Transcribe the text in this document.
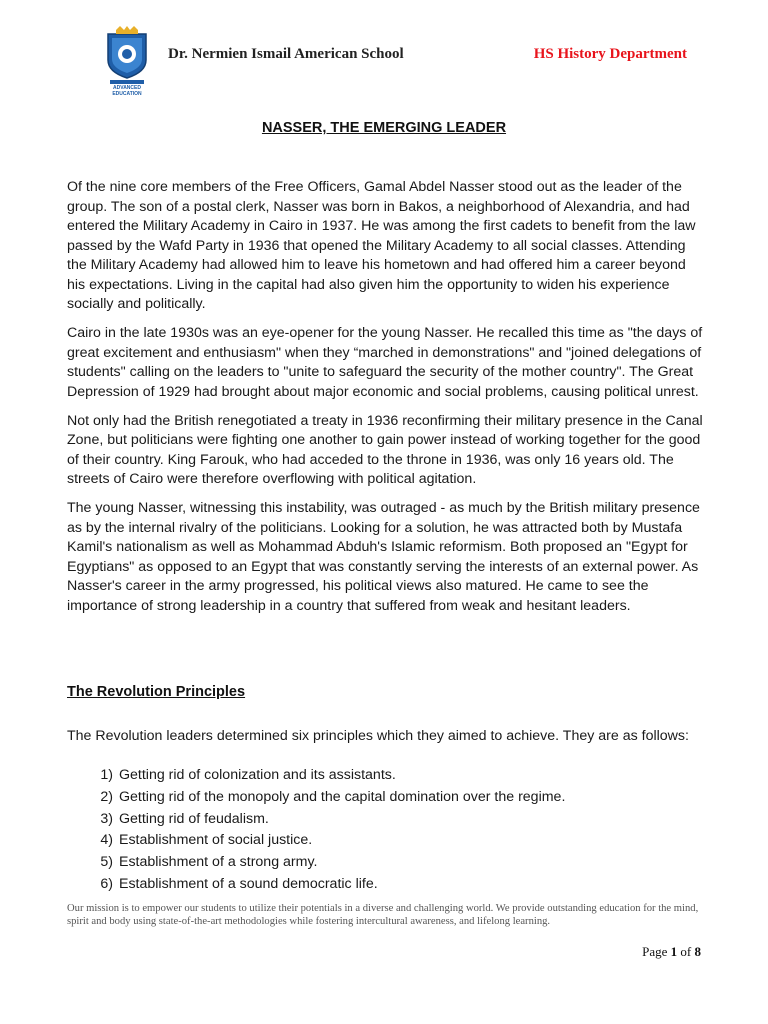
ADVANCED
EDUCATION
Dr. Nermien Ismail American School	HS History Department
NASSER, THE EMERGING LEADER

Of the nine core members of the Free Officers, Gamal Abdel Nasser stood out as the leader of the group. The son of a postal clerk, Nasser was born in Bakos, a neighborhood of Alexandria, and had entered the Military Academy in Cairo in 1937. He was among the first cadets to benefit from the law passed by the Wafd Party in 1936 that opened the Military Academy to all social classes. Attending the Military Academy had allowed him to leave his hometown and had offered him a career beyond his expectations. Living in the capital had also given him the opportunity to widen his experience socially and politically.

Cairo in the late 1930s was an eye-opener for the young Nasser. He recalled this time as "the days of great excitement and enthusiasm" when they “marched in demonstrations" and "joined delegations of students" calling on the leaders to "unite to safeguard the security of the mother country". The Great Depression of 1929 had brought about major economic and social problems, causing political unrest.

Not only had the British renegotiated a treaty in 1936 reconfirming their military presence in the Canal Zone, but politicians were fighting one another to gain power instead of working together for the good of their country. King Farouk, who had acceded to the throne in 1936, was only 16 years old. The streets of Cairo were therefore overflowing with political agitation.

The young Nasser, witnessing this instability, was outraged - as much by the British military presence as by the internal rivalry of the politicians. Looking for a solution, he was attracted both by Mustafa Kamil's nationalism as well as Mohammad Abduh's Islamic reformism. Both proposed an "Egypt for Egyptians" as opposed to an Egypt that was constantly serving the interests of an external power. As Nasser's career in the army progressed, his political views also matured. He came to see the importance of strong leadership in a country that suffered from weak and hesitant leaders.

The Revolution Principles
The Revolution leaders determined six principles which they aimed to achieve. They are as follows:
1) Getting rid of colonization and its assistants.
2) Getting rid of the monopoly and the capital domination over the regime.
3) Getting rid of feudalism.
4) Establishment of social justice.
5) Establishment of a strong army.
6) Establishment of a sound democratic life.
Our mission is to empower our students to utilize their potentials in a diverse and challenging world. We provide outstanding education for the mind, spirit and body using state-of-the-art methodologies while fostering intercultural awareness, and lifelong learning.
Page 1 of 8
